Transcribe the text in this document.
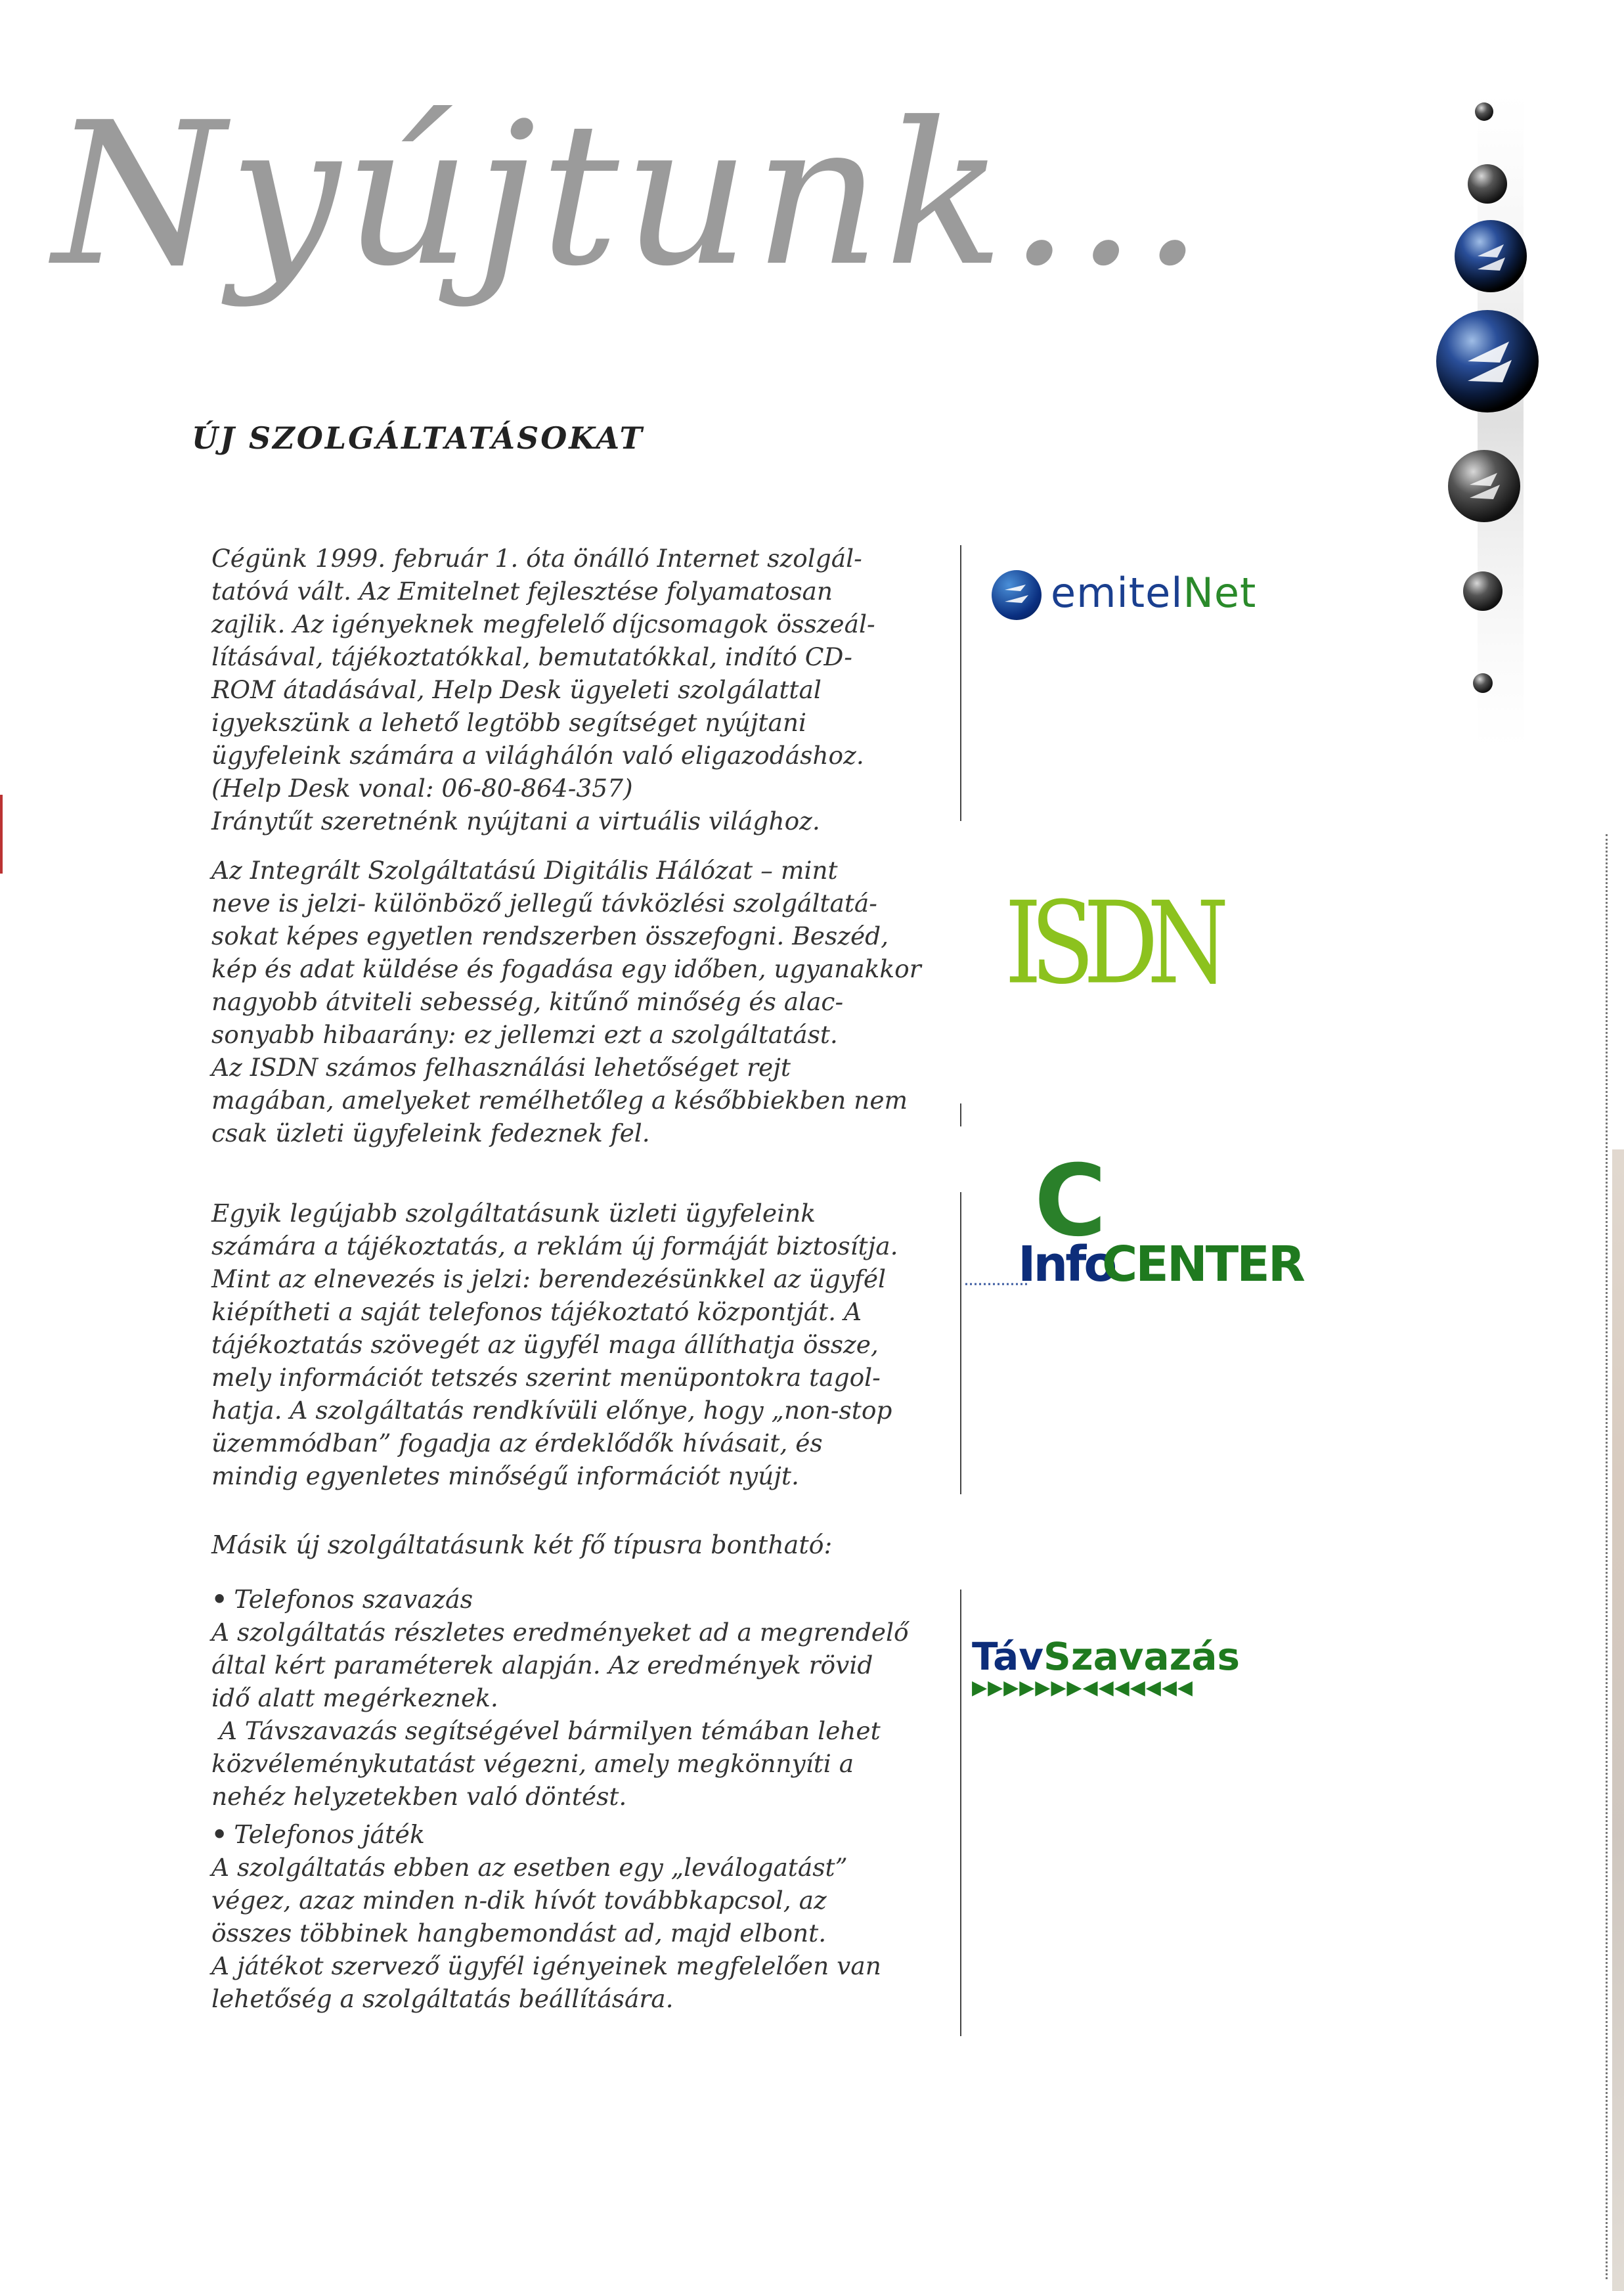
Nyújtunk...
ÚJ SZOLGÁLTATÁSOKAT

Cégünk 1999. február 1. óta önálló Internet szolgál-

tatóvá vált. Az Emitelnet fejlesztése folyamatosan

zajlik. Az igényeknek megfelelő díjcsomagok összeál-

lításával, tájékoztatókkal, bemutatókkal, indító CD-

ROM átadásával, Help Desk ügyeleti szolgálattal

igyekszünk a lehető legtöbb segítséget nyújtani

ügyfeleink számára a világhálón való eligazodáshoz.

(Help Desk vonal: 06-80-864-357)

Iránytűt szeretnénk nyújtani a virtuális világhoz.

Az Integrált Szolgáltatású Digitális Hálózat – mint

neve is jelzi- különböző jellegű távközlési szolgáltatá-

sokat képes egyetlen rendszerben összefogni. Beszéd,

kép és adat küldése és fogadása egy időben, ugyanakkor

nagyobb átviteli sebesség, kitűnő minőség és alac-

sonyabb hibaarány: ez jellemzi ezt a szolgáltatást.

Az ISDN számos felhasználási lehetőséget rejt

magában, amelyeket remélhetőleg a későbbiekben nem

csak üzleti ügyfeleink fedeznek fel.

Egyik legújabb szolgáltatásunk üzleti ügyfeleink

számára a tájékoztatás, a reklám új formáját biztosítja.

Mint az elnevezés is jelzi: berendezésünkkel az ügyfél

kiépítheti a saját telefonos tájékoztató központját. A

tájékoztatás szövegét az ügyfél maga állíthatja össze,

mely információt tetszés szerint menüpontokra tagol-

hatja. A szolgáltatás rendkívüli előnye, hogy „non-stop

üzemmódban” fogadja az érdeklődők hívásait, és

mindig egyenletes minőségű információt nyújt.

Másik új szolgáltatásunk két fő típusra bontható:

• Telefonos szavazás

A szolgáltatás részletes eredményeket ad a megrendelő

által kért paraméterek alapján. Az eredmények rövid

idő alatt megérkeznek.

A Távszavazás segítségével bármilyen témában lehet

közvéleménykutatást végezni, amely megkönnyíti a

nehéz helyzetekben való döntést.

• Telefonos játék

A szolgáltatás ebben az esetben egy „leválogatást”

végez, azaz minden n-dik hívót továbbkapcsol, az

összes többinek hangbemondást ad, majd elbont.

A játékot szervező ügyfél igényeinek megfelelően van

lehetőség a szolgáltatás beállítására.

emitelNet
ISDN
C
Info
CENTER
TávSzavazás
▶▶▶▶▶▶▶◀◀◀◀◀◀◀
